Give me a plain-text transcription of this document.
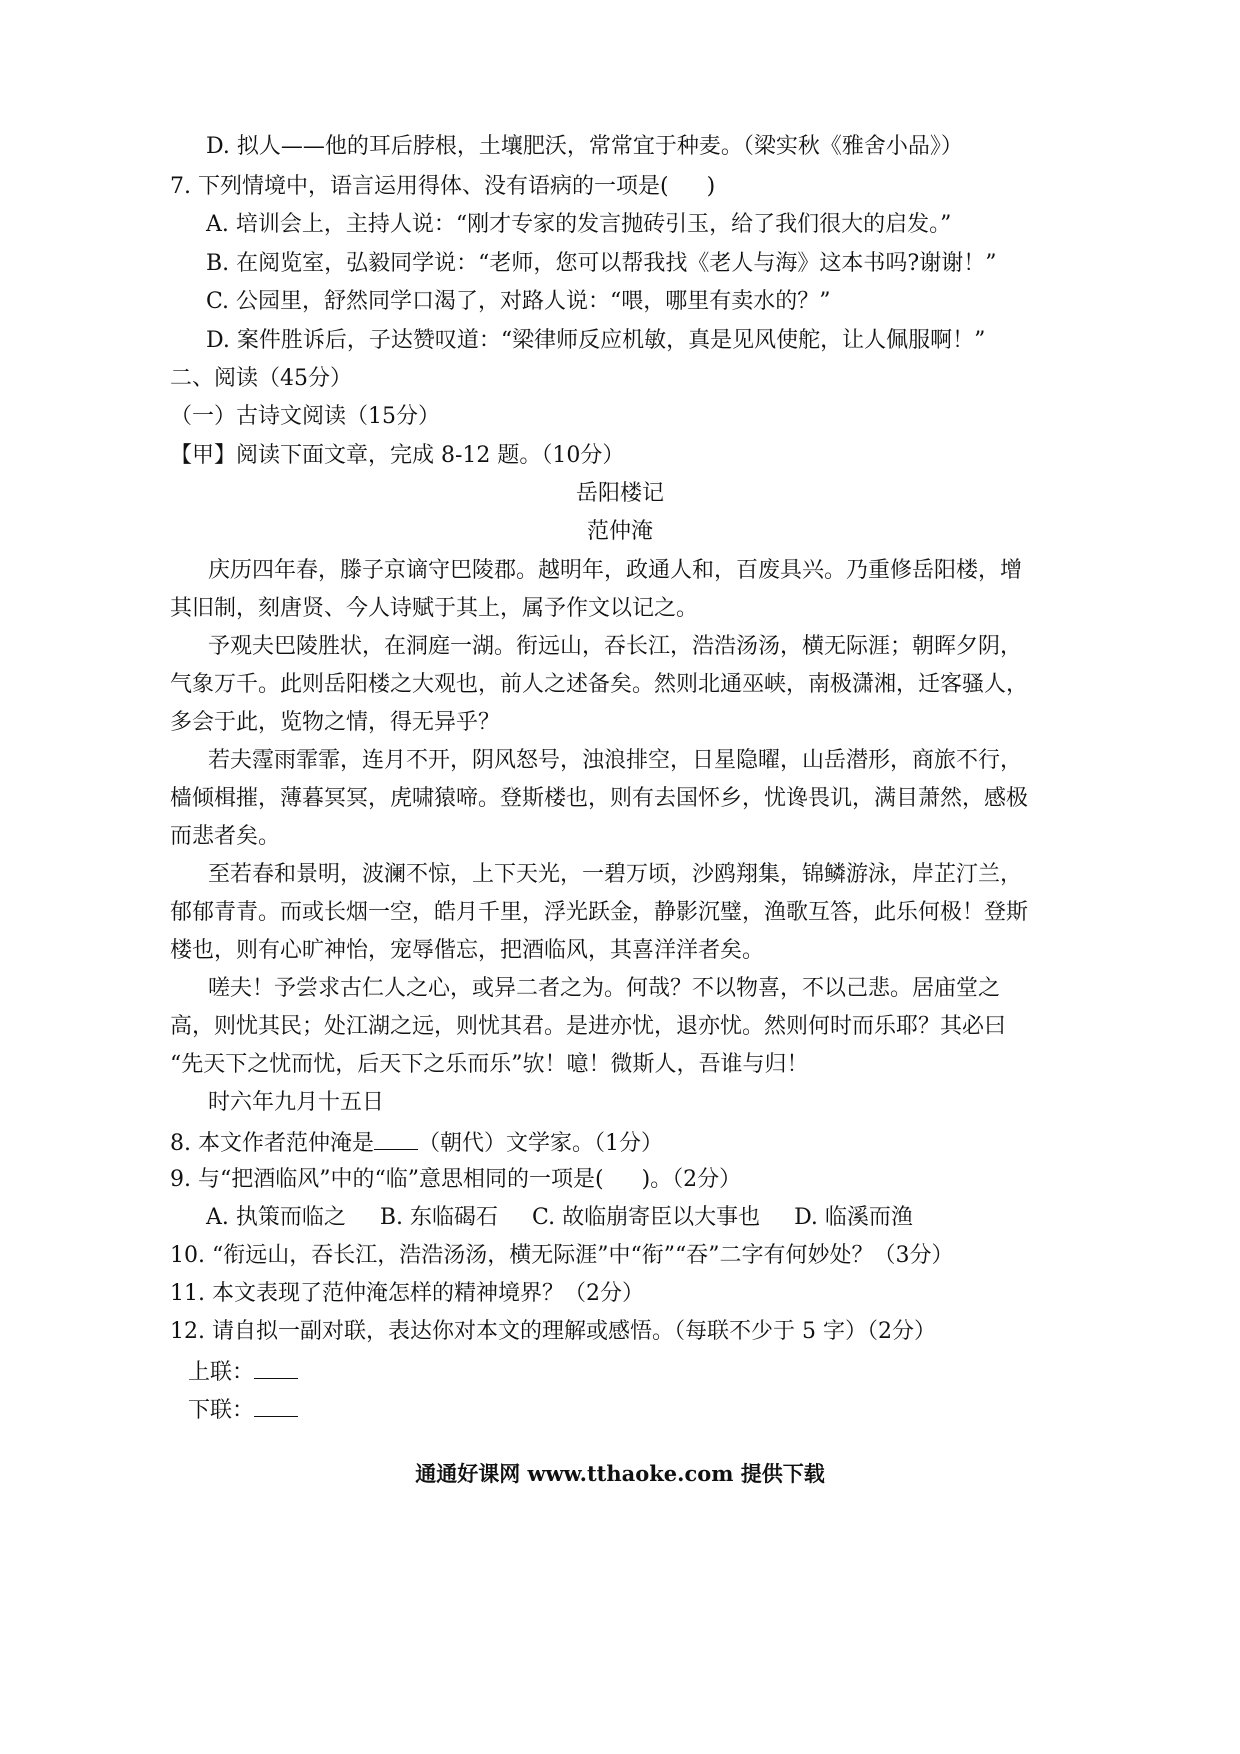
D. 拟人——他的耳后脖根，土壤肥沃，常常宜于种麦。（梁实秋《雅舍小品》）
7. 下列情境中，语言运用得体、没有语病的一项是( )
A. 培训会上，主持人说：“刚才专家的发言抛砖引玉，给了我们很大的启发。”
B. 在阅览室，弘毅同学说：“老师，您可以帮我找《老人与海》这本书吗?谢谢！”
C. 公园里，舒然同学口渴了，对路人说：“喂，哪里有卖水的？”
D. 案件胜诉后，子达赞叹道：“梁律师反应机敏，真是见风使舵，让人佩服啊！”
二、阅读（45分）
（一）古诗文阅读（15分）
【甲】阅读下面文章，完成 8-12 题。（10分）
岳阳楼记
范仲淹
庆历四年春，滕子京谪守巴陵郡。越明年，政通人和，百废具兴。乃重修岳阳楼，增
其旧制，刻唐贤、今人诗赋于其上，属予作文以记之。
予观夫巴陵胜状，在洞庭一湖。衔远山，吞长江，浩浩汤汤，横无际涯；朝晖夕阴，
气象万千。此则岳阳楼之大观也，前人之述备矣。然则北通巫峡，南极潇湘，迁客骚人，
多会于此，览物之情，得无异乎？
若夫霪雨霏霏，连月不开，阴风怒号，浊浪排空，日星隐曜，山岳潜形，商旅不行，
樯倾楫摧，薄暮冥冥，虎啸猿啼。登斯楼也，则有去国怀乡，忧谗畏讥，满目萧然，感极
而悲者矣。
至若春和景明，波澜不惊，上下天光，一碧万顷，沙鸥翔集，锦鳞游泳，岸芷汀兰，
郁郁青青。而或长烟一空，皓月千里，浮光跃金，静影沉璧，渔歌互答，此乐何极！登斯
楼也，则有心旷神怡，宠辱偕忘，把酒临风，其喜洋洋者矣。
嗟夫！予尝求古仁人之心，或异二者之为。何哉？不以物喜，不以己悲。居庙堂之
高，则忧其民；处江湖之远，则忧其君。是进亦忧，退亦忧。然则何时而乐耶？其必曰
“先天下之忧而忧，后天下之乐而乐”欤！噫！微斯人，吾谁与归！
时六年九月十五日
8. 本文作者范仲淹是 （朝代）文学家。（1分）
9. 与“把酒临风”中的“临”意思相同的一项是( )。（2分）
A. 执策而临之 B. 东临碣石 C. 故临崩寄臣以大事也 D. 临溪而渔
10. “衔远山，吞长江，浩浩汤汤，横无际涯”中“衔”“吞”二字有何妙处？（3分）
11. 本文表现了范仲淹怎样的精神境界？（2分）
12. 请自拟一副对联，表达你对本文的理解或感悟。（每联不少于 5 字）（2分）
上联：
下联：
通通好课网 www.tthaoke.com 提供下载
